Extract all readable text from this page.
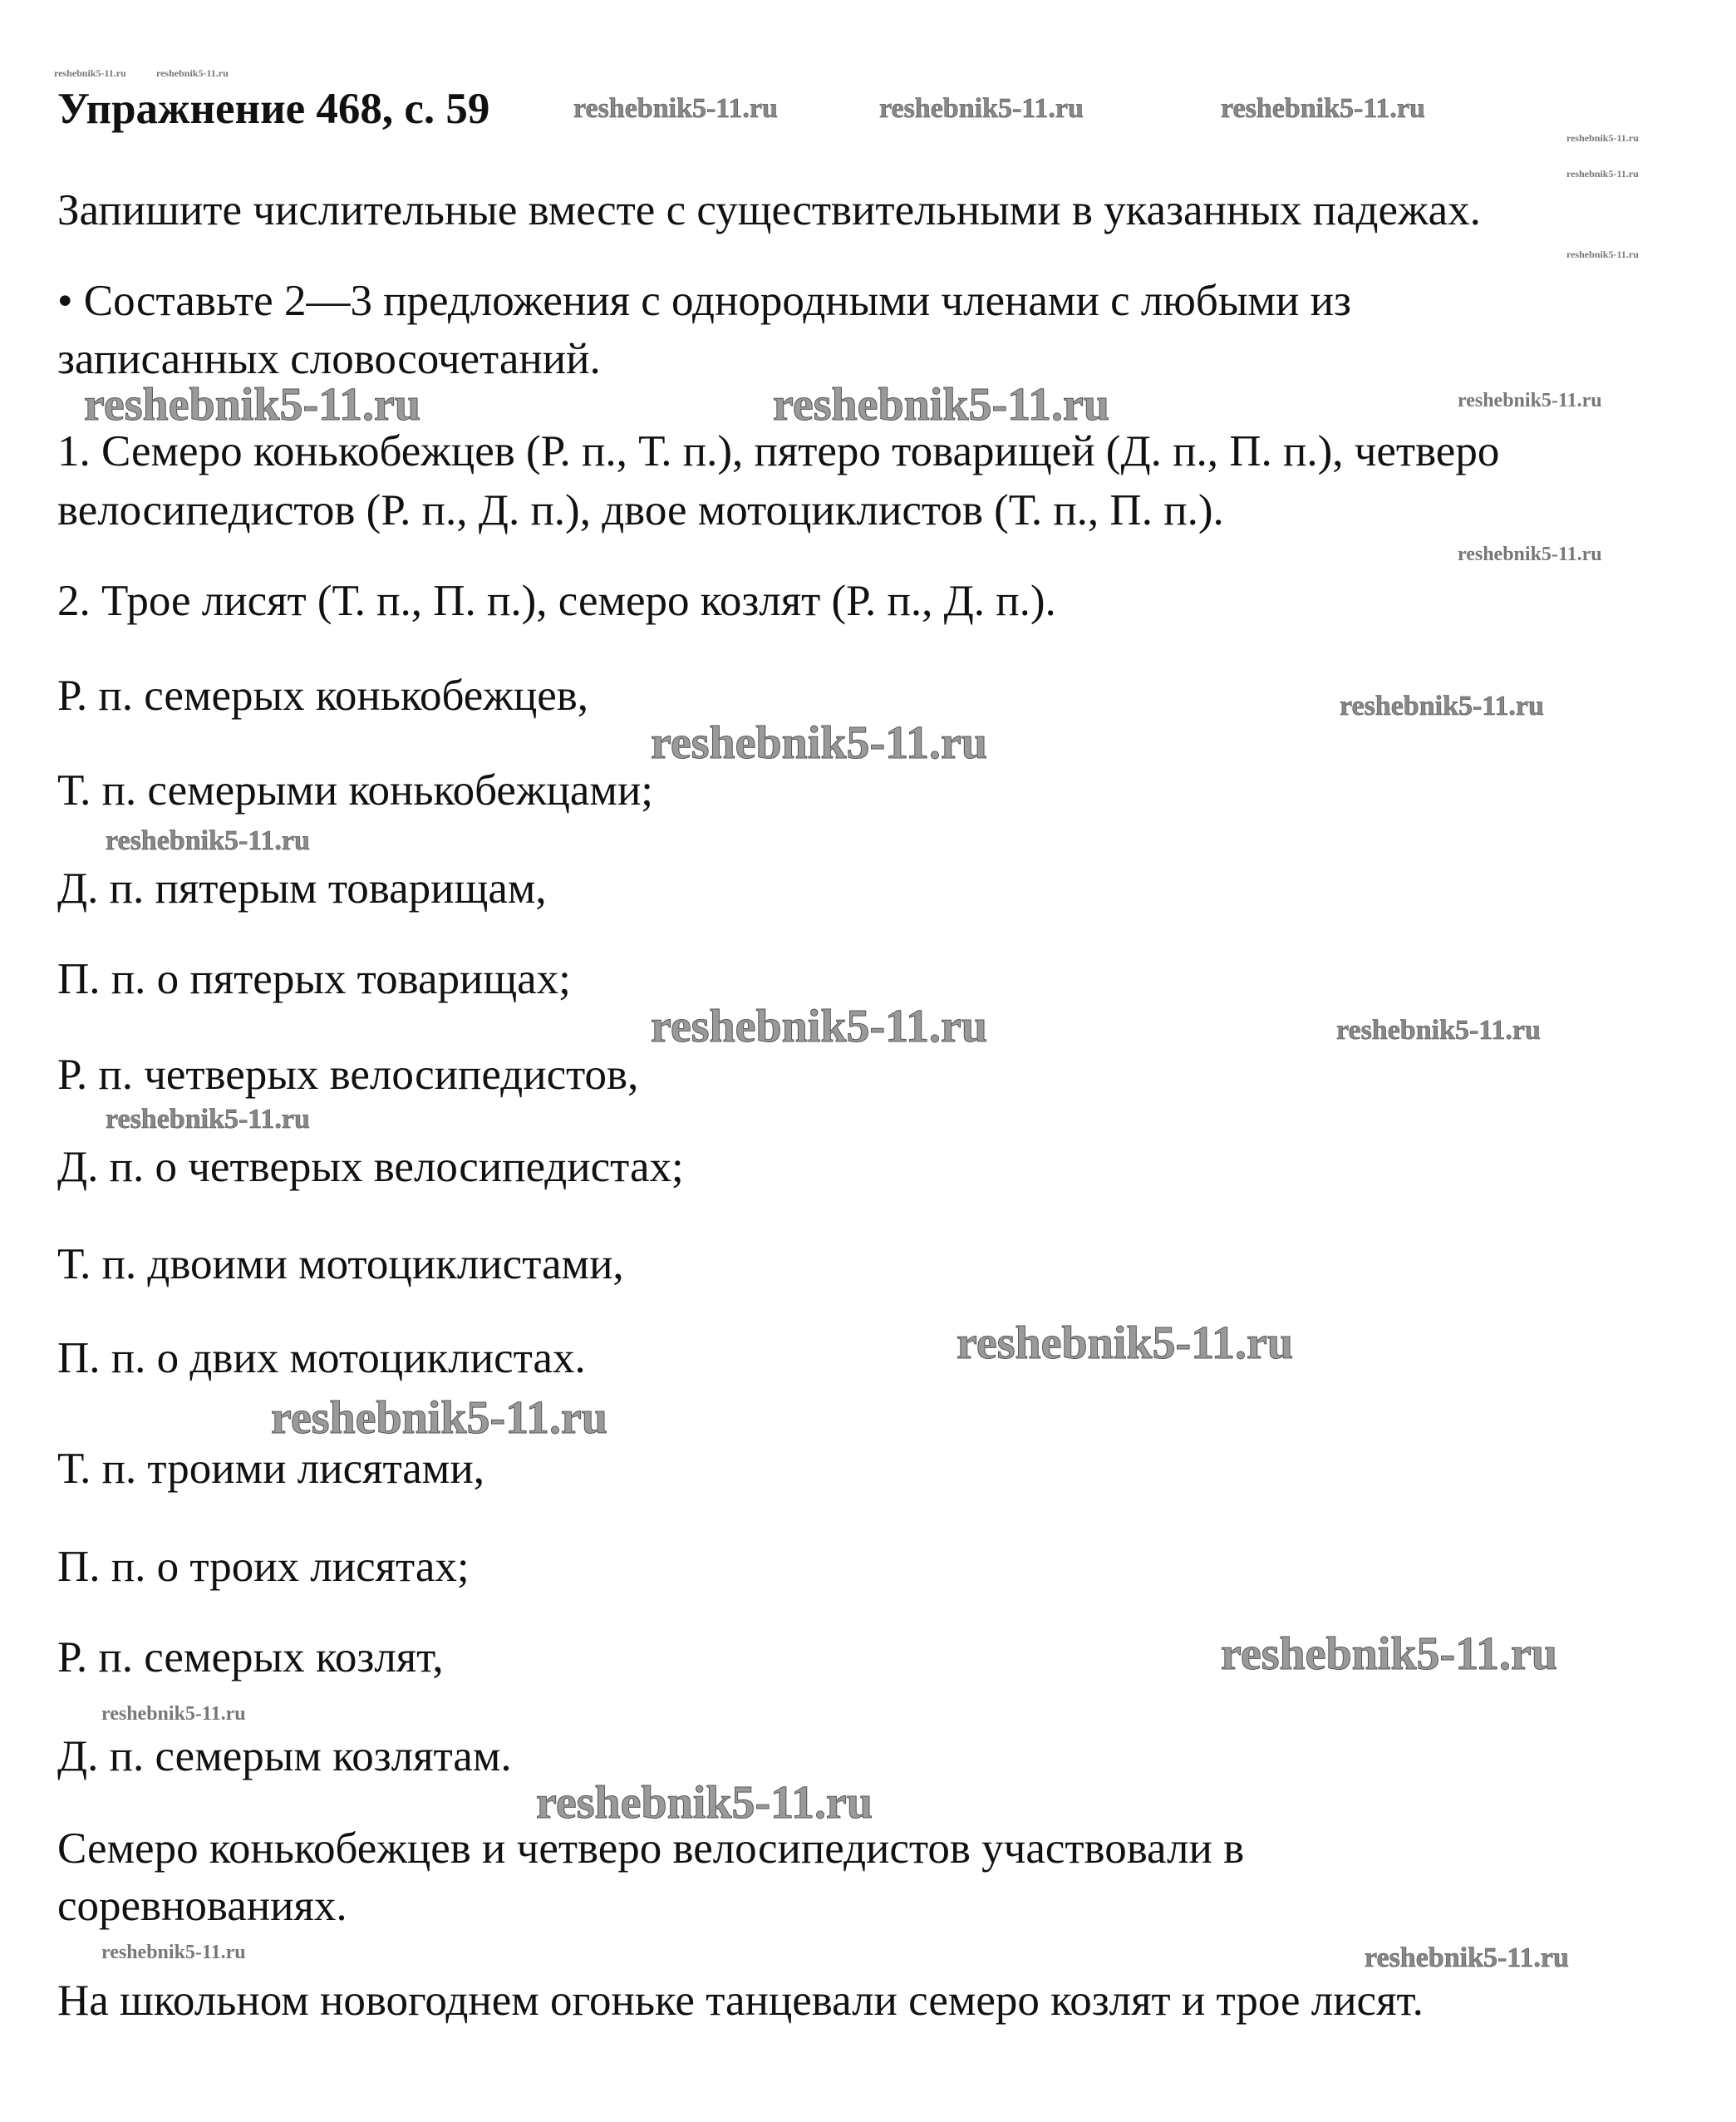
Упражнение 468, с. 59
Запишите числительные вместе с существительными в указанных падежах.
• Составьте 2—3 предложения с однородными членами с любыми из
записанных словосочетаний.
1. Семеро конькобежцев (Р. п., Т. п.), пятеро товарищей (Д. п., П. п.), четверо
велосипедистов (Р. п., Д. п.), двое мотоциклистов (Т. п., П. п.).
2. Трое лисят (Т. п., П. п.), семеро козлят (Р. п., Д. п.).
Р. п. семерых конькобежцев,
Т. п. семерыми конькобежцами;
Д. п. пятерым товарищам,
П. п. о пятерых товарищах;
Р. п. четверых велосипедистов,
Д. п. о четверых велосипедистах;
Т. п. двоими мотоциклистами,
П. п. о двих мотоциклистах.
Т. п. троими лисятами,
П. п. о троих лисятах;
Р. п. семерых козлят,
Д. п. семерым козлятам.
Семеро конькобежцев и четверо велосипедистов участвовали в
соревнованиях.
На школьном новогоднем огоньке танцевали семеро козлят и трое лисят.
reshebnik5-11.ru	reshebnik5-11.ru
reshebnik5-11.ru
reshebnik5-11.ru
reshebnik5-11.ru
reshebnik5-11.ru
reshebnik5-11.ru
reshebnik5-11.ru
reshebnik5-11.ru	reshebnik5-11.ru	reshebnik5-11.ru
reshebnik5-11.ru
reshebnik5-11.ru
reshebnik5-11.ru
reshebnik5-11.ru
reshebnik5-11.ru
reshebnik5-11.ru
reshebnik5-11.ru
reshebnik5-11.ru
reshebnik5-11.ru
reshebnik5-11.ru
reshebnik5-11.ru
reshebnik5-11.ru
reshebnik5-11.ru	reshebnik5-11.ru
